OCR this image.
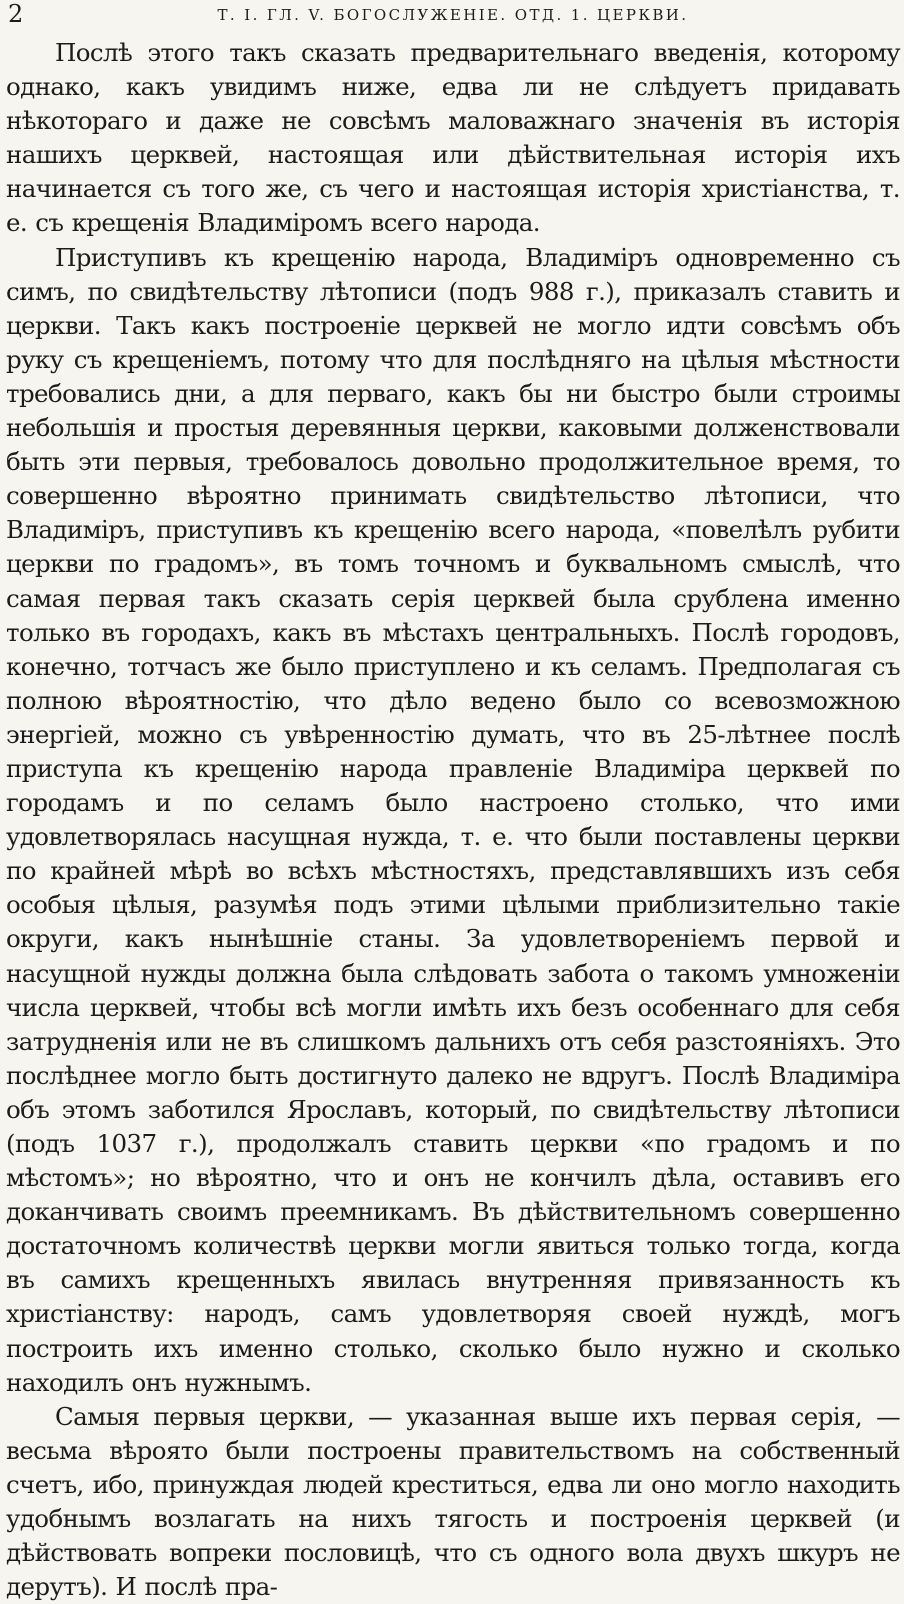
2	Т. I. ГЛ. V. БОГОСЛУЖЕНІЕ. ОТД. 1. ЦЕРКВИ.

Послѣ этого такъ сказать предварительнаго введенія, которому однако, какъ увидимъ ниже, едва ли не слѣдуетъ придавать нѣкотораго и даже не совсѣмъ маловажнаго значенія въ исторія нашихъ церквей, настоящая или дѣйствительная исторія ихъ начинается съ того же, съ чего и настоящая исторія христіанства, т. е. съ крещенія Владиміромъ всего народа.

Приступивъ къ крещенію народа, Владиміръ одновременно съ симъ, по свидѣтельству лѣтописи (подъ 988 г.), приказалъ ставить и церкви. Такъ какъ построеніе церквей не могло идти совсѣмъ объ руку съ крещеніемъ, потому что для послѣдняго на цѣлыя мѣстности требовались дни, а для перваго, какъ бы ни быстро были строимы небольшія и простыя деревянныя церкви, каковыми долженствовали быть эти первыя, требовалось довольно продолжительное время, то совершенно вѣроятно принимать свидѣтельство лѣтописи, что Владиміръ, приступивъ къ крещенію всего народа, «повелѣлъ рубити церкви по градомъ», въ томъ точномъ и буквальномъ смыслѣ, что самая первая такъ сказать серія церквей была срублена именно только въ городахъ, какъ въ мѣстахъ центральныхъ. Послѣ городовъ, конечно, тотчасъ же было приступлено и къ селамъ. Предполагая съ полною вѣроятностію, что дѣло ведено было со всевозможною энергіей, можно съ увѣренностію думать, что въ 25-лѣтнее послѣ приступа къ крещенію народа правленіе Владиміра церквей по городамъ и по селамъ было настроено столько, что ими удовлетворялась насущная нужда, т. е. что были поставлены церкви по крайней мѣрѣ во всѣхъ мѣстностяхъ, представлявшихъ изъ себя особыя цѣлыя, разумѣя подъ этими цѣлыми приблизительно такіе округи, какъ нынѣшніе станы. За удовлетвореніемъ первой и насущной нужды должна была слѣдовать забота о такомъ умноженіи числа церквей, чтобы всѣ могли имѣть ихъ безъ особеннаго для себя затрудненія или не въ слишкомъ дальнихъ отъ себя разстояніяхъ. Это послѣднее могло быть достигнуто далеко не вдругъ. Послѣ Владиміра объ этомъ заботился Ярославъ, который, по свидѣтельству лѣтописи (подъ 1037 г.), продолжалъ ставить церкви «по градомъ и по мѣстомъ»; но вѣроятно, что и онъ не кончилъ дѣла, оставивъ его доканчивать своимъ преемникамъ. Въ дѣйствительномъ совершенно достаточномъ количествѣ церкви могли явиться только тогда, когда въ самихъ крещенныхъ явилась внутренняя привязанность къ христіанству: народъ, самъ удовлетворяя своей нуждѣ, могъ построить ихъ именно столько, сколько было нужно и сколько находилъ онъ нужнымъ.

Самыя первыя церкви, — указанная выше ихъ первая серія, — весьма вѣроято были построены правительствомъ на собственный счетъ, ибо, принуждая людей креститься, едва ли оно могло находить удобнымъ возлагать на нихъ тягость и построенія церквей (и дѣйствовать вопреки пословицѣ, что съ одного вола двухъ шкуръ не дерутъ). И послѣ пра-
